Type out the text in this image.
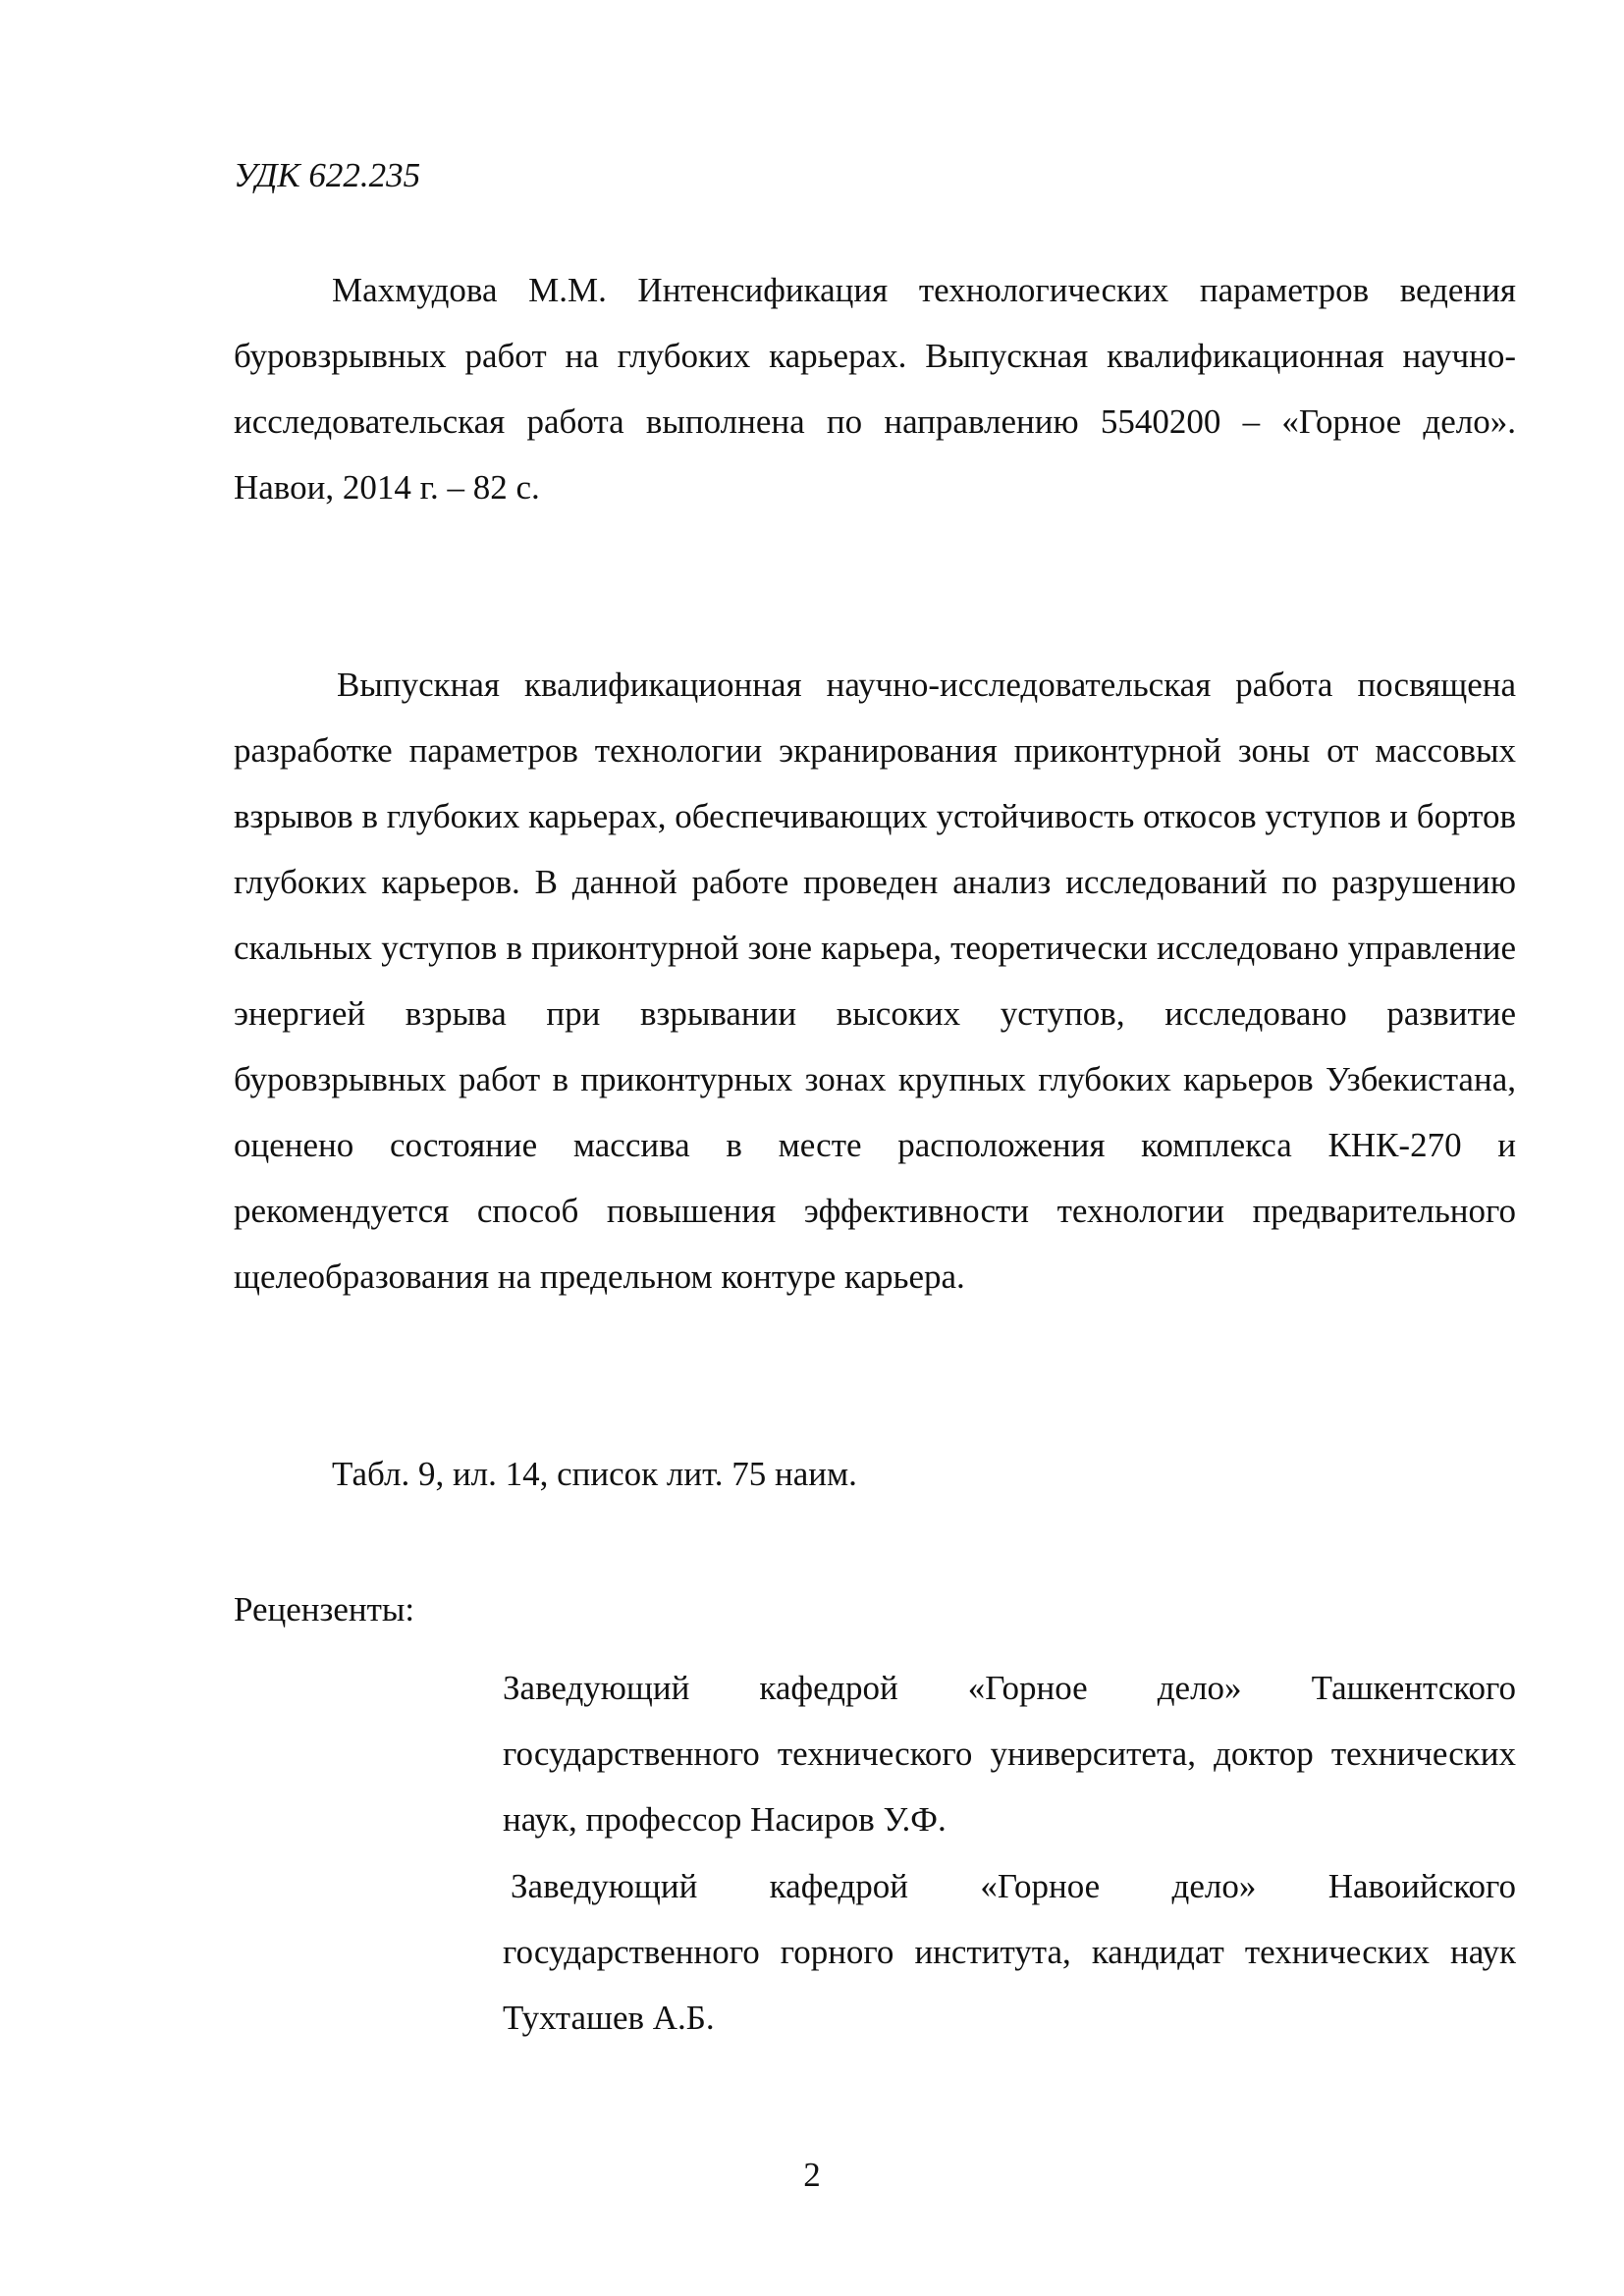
УДК 622.235
Махмудова М.М. Интенсификация технологических параметров ведения буровзрывных работ на глубоких карьерах. Выпускная квалификационная научно-исследовательская работа выполнена по направлению 5540200 – «Горное дело». Навои, 2014 г. – 82 с.
Выпускная квалификационная научно-исследовательская работа посвящена разработке параметров технологии экранирования приконтурной зоны от массовых взрывов в глубоких карьерах, обеспечивающих устойчивость откосов уступов и бортов глубоких карьеров. В данной работе проведен анализ исследований по разрушению скальных уступов в приконтурной зоне карьера, теоретически исследовано управление энергией взрыва при взрывании высоких уступов, исследовано развитие буровзрывных работ в приконтурных зонах крупных глубоких карьеров Узбекистана, оценено состояние массива в месте расположения комплекса КНК-270 и рекомендуется способ повышения эффективности технологии предварительного щелеобразования на предельном контуре карьера.
Табл. 9, ил. 14, список лит. 75 наим.
Рецензенты:
Заведующий кафедрой «Горное дело» Ташкентского государственного технического университета, доктор технических наук, профессор Насиров У.Ф.
Заведующий кафедрой «Горное дело» Навоийского государственного горного института, кандидат технических наук Тухташев А.Б.
2
